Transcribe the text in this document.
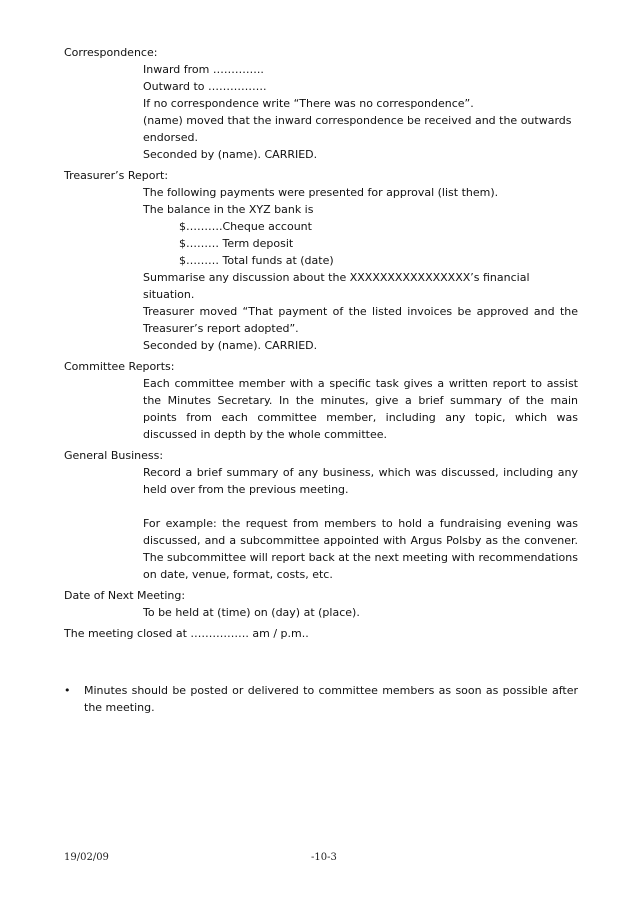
Correspondence:

Inward from …………..

Outward to …………….

If no correspondence write “There was no correspondence”.

(name) moved that the inward correspondence be received and the outwards endorsed.

Seconded by (name). CARRIED.

Treasurer’s Report:

The following payments were presented for approval (list them).

The balance in the XYZ bank is

$………. Cheque account

$……… Term deposit

$……… Total funds at (date)

Summarise any discussion about the XXXXXXXXXXXXXXXX’s financial situation.

Treasurer moved “That payment of the listed invoices be approved and the Treasurer’s report adopted”.

Seconded by (name). CARRIED.

Committee Reports:

Each committee member with a specific task gives a written report to assist the Minutes Secretary. In the minutes, give a brief summary of the main points from each committee member, including any topic, which was discussed in depth by the whole committee.

General Business:

Record a brief summary of any business, which was discussed, including any held over from the previous meeting.

For example: the request from members to hold a fundraising evening was discussed, and a subcommittee appointed with Argus Polsby as the convener. The subcommittee will report back at the next meeting with recommendations on date, venue, format, costs, etc.

Date of Next Meeting:

To be held at (time) on (day) at (place).

The meeting closed at ……………. am / p.m..

• Minutes should be posted or delivered to committee members as soon as possible after the meeting.

19/02/09	-10-3
